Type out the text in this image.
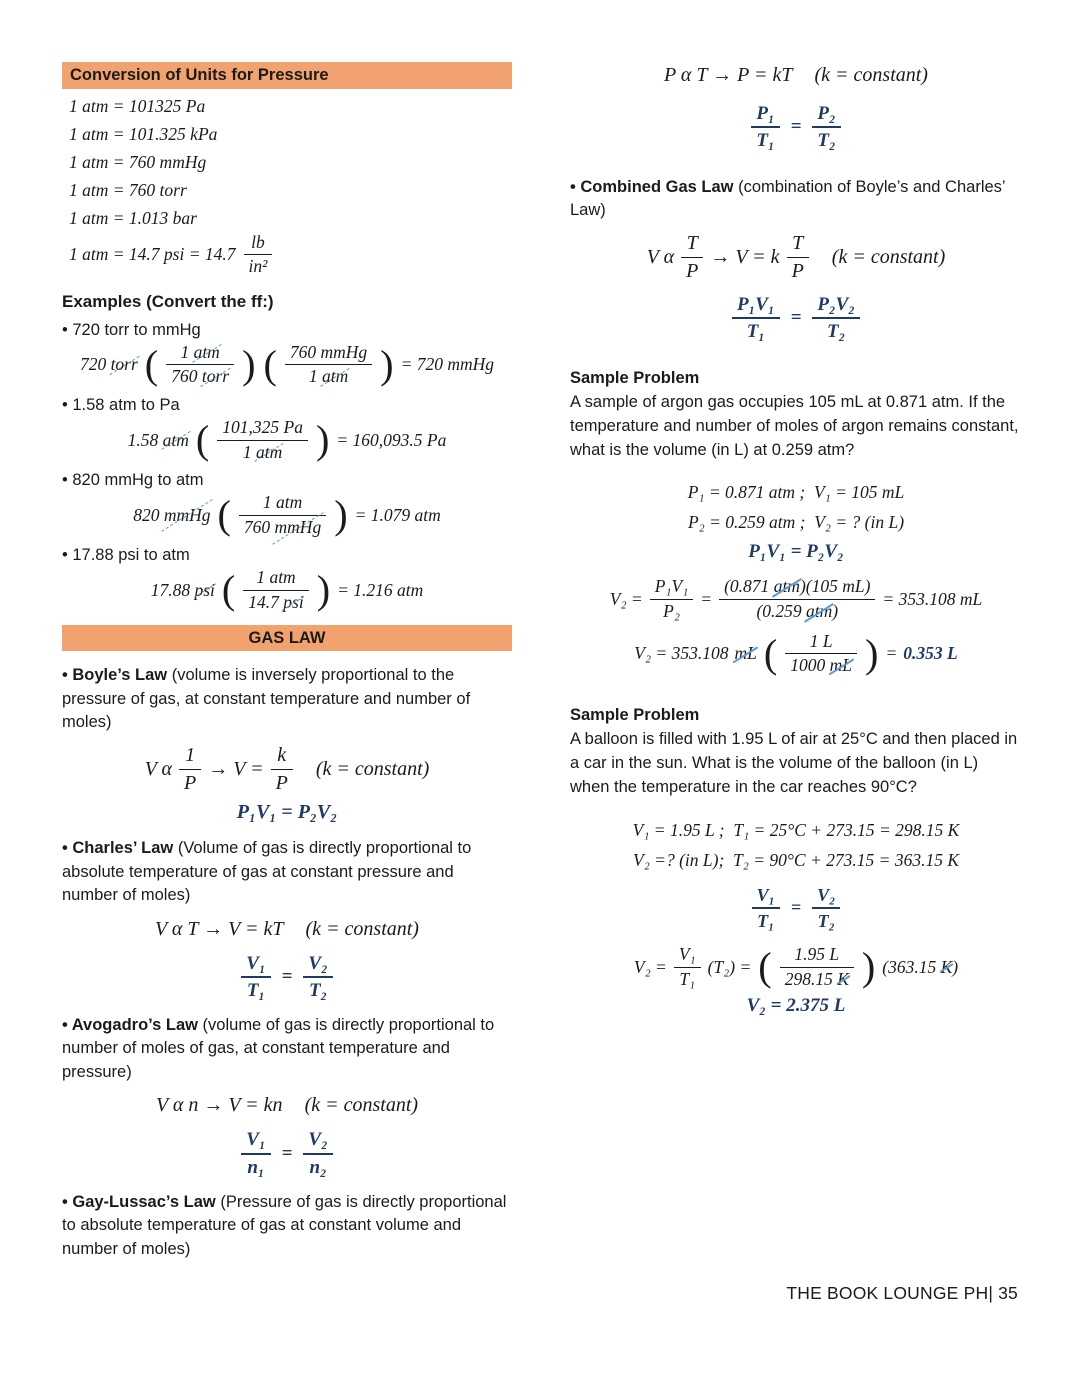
Conversion of Units for Pressure
1 atm = 101325 Pa
1 atm = 101.325 kPa
1 atm = 760 mmHg
1 atm = 760 torr
1 atm = 1.013 bar
1 atm = 14.7 psi = $14.7 \frac{lb}{\text{in²}}$
Examples (Convert the ff:)
• 720 torr to mmHg
720 torr ( $\frac{\text{1 atm}}{\text{760 torr}}$ ) ( $\frac{\text{760 mmHg}}{\text{1 atm}}$ ) = 720 mmHg
• 1.58 atm to Pa
1.58 atm ( $\frac{101,325 Pa}{\text{1 atm}}$ ) = 160,093.5 Pa
• 820 mmHg to atm
820 mmHg ( $\frac{\text{1 atm}}{\text{760 mmHg}}$ ) = 1.079 atm
• 17.88 psi to atm
17.88 psi ( $\frac{\text{1 atm}}{\text{14.7 psi}}$ ) = 1.216 atm
GAS LAW

• Boyle’s Law (volume is inversely proportional to the pressure of gas, at constant temperature and number of moles)

V α $\frac{1}{P} \to V = \frac{k}{P} (k$ = constant)
P₁V₁ = P₂V₂

• Charles’ Law (Volume of gas is directly proportional to absolute temperature of gas at constant pressure and number of moles)

V α T → V = kT (k = constant)
$\frac{\text{V₁}}{\text{T₁}} = \frac{\text{V₂}}{\text{T₂}}$

• Avogadro’s Law (volume of gas is directly proportional to number of moles of gas, at constant temperature and pressure)

V α n → V = kn (k = constant)
$\frac{\text{V₁}}{\text{n₁}} = \frac{\text{V₂}}{\text{n₂}}$

• Gay-Lussac’s Law (Pressure of gas is directly proportional to absolute temperature of gas at constant volume and number of moles)

P α T → P = kT (k = constant)
$\frac{\text{P₁}}{\text{T₁}} = \frac{\text{P₂}}{\text{T₂}}$

• Combined Gas Law (combination of Boyle’s and Charles’ Law)

V α $\frac{T}{P} \to V = k \frac{T}{P} (k$ = constant)
$\frac{\text{P₁V₁}}{\text{T₁}} = \frac{\text{P₂V₂}}{\text{T₂}}$
Sample Problem

A sample of argon gas occupies 105 mL at 0.871 atm. If the temperature and number of moles of argon remains constant, what is the volume (in L) at 0.259 atm?

P₁ = 0.871 atm ;  V₁ = 105 mL
P₂ = 0.259 atm ;  V₂ = ? (in L)
P₁V₁ = P₂V₂
$V_2 = \frac{\text{P₁V₁}}{\text{P₂}} = \frac{\text{(0.871 atm)(105 mL)}}{\text{(0.259 atm)}} = 353.108$ mL
V₂ = 353.108 mL ( $\frac{1 L}{1000 mL}$ ) = 0.353 L
Sample Problem

A balloon is filled with 1.95 L of air at 25°C and then placed in a car in the sun. What is the volume of the balloon (in L) when the temperature in the car reaches 90°C?

V₁ = 1.95 L ;  T₁ = 25°C + 273.15 = 298.15 K
V₂ =? (in L);  T₂ = 90°C + 273.15 = 363.15 K
$\frac{\text{V₁}}{\text{T₁}} = \frac{\text{V₂}}{\text{T₂}}$
$V_2 = \frac{\text{V₁}}{\text{T₁}} (T_2)$ = ( $\frac{1.95 L}{298.15 K}$ ) (363.15 K)
V₂ = 2.375 L
THE BOOK LOUNGE PH| 35
